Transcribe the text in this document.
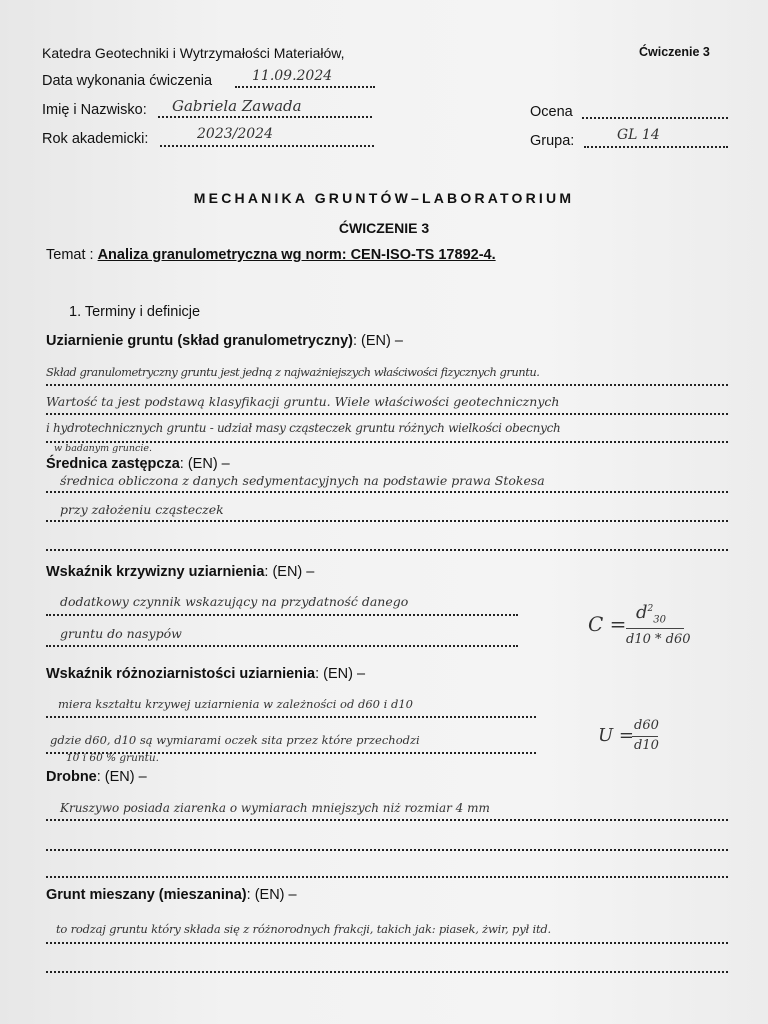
Katedra Geotechniki i Wytrzymałości Materiałów,	Ćwiczenie 3
Data wykonania ćwiczenia	11.09.2024
Imię i Nazwisko: Gabriela Zawada
Rok akademicki:	2023/2024
Ocena
Grupa:	GL 14
MECHANIKA GRUNTÓW–LABORATORIUM
ĆWICZENIE 3
Temat : Analiza granulometryczna wg norm: CEN-ISO-TS 17892-4.
1. Terminy i definicje
Uziarnienie gruntu (skład granulometryczny): (EN) –
Skład granulometryczny gruntu jest jedną z najważniejszych właściwości fizycznych gruntu.
Wartość ta jest podstawą klasyfikacji gruntu. Wiele właściwości geotechnicznych
i hydrotechnicznych gruntu - udział masy cząsteczek gruntu różnych wielkości obecnych
w badanym gruncie.
Średnica zastępcza: (EN) –
średnica obliczona z danych sedymentacyjnych na podstawie prawa Stokesa
przy założeniu cząsteczek
Wskaźnik krzywizny uziarnienia: (EN) –
dodatkowy czynnik wskazujący na przydatność danego
gruntu do nasypów	$C = d^2_{30}$
d10 * d60
Wskaźnik różnoziarnistości uziarnienia: (EN) –
miera kształtu krzywej uziarnienia w zależności od d60 i d10
gdzie d60, d10 są wymiarami oczek sita przez które przechodzi
10 i 60 % gruntu.
U = d60
d10
Drobne: (EN) –
Kruszywo posiada ziarenka o wymiarach mniejszych niż rozmiar 4 mm
Grunt mieszany (mieszanina): (EN) –
to rodzaj gruntu który składa się z różnorodnych frakcji, takich jak: piasek, żwir, pył itd.
